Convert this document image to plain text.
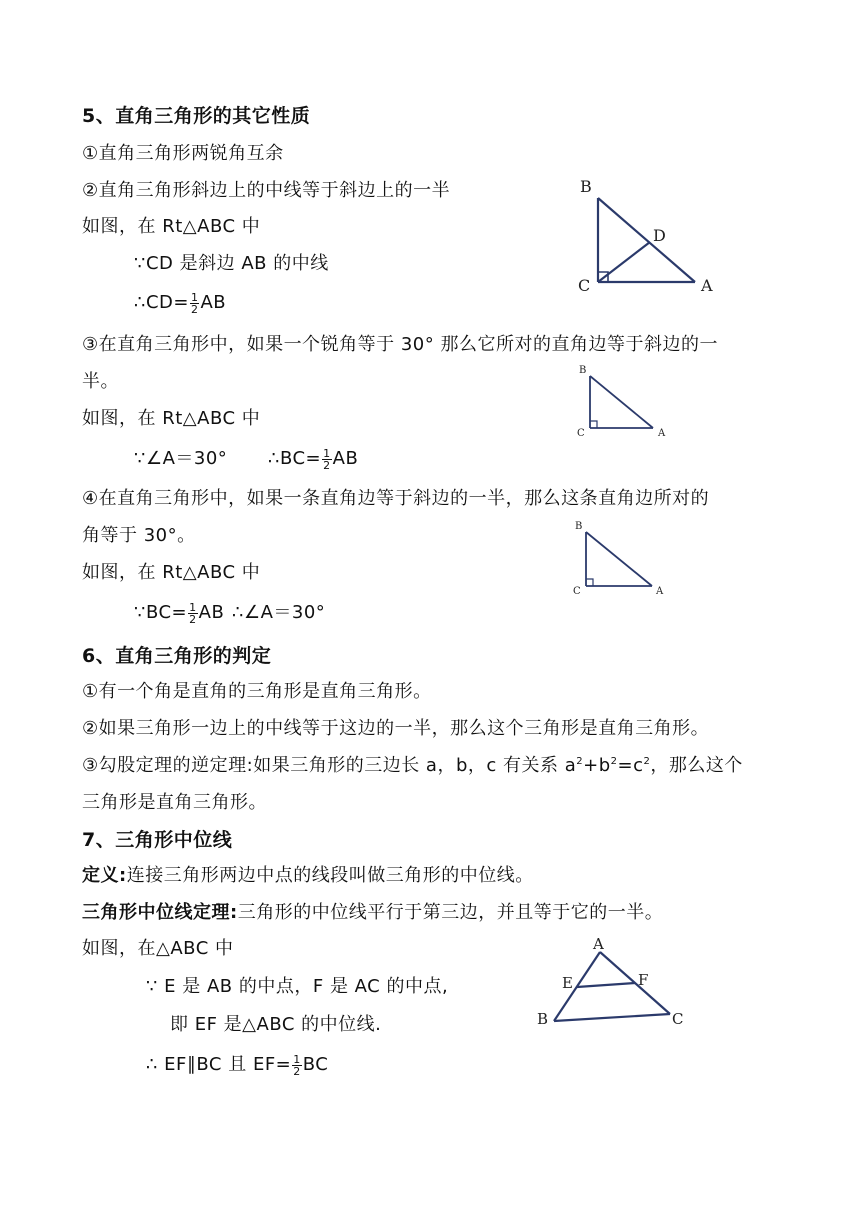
5、直角三角形的其它性质
①直角三角形两锐角互余
②直角三角形斜边上的中线等于斜边上的一半
如图，在 Rt△ABC 中
∵CD 是斜边 AB 的中线
∴CD= $\frac{1}{2}$ AB
③在直角三角形中，如果一个锐角等于 30° 那么它所对的直角边等于斜边的一
半。
如图，在 Rt△ABC 中
∵∠A＝30° ∴BC= $\frac{1}{2}$ AB
④在直角三角形中，如果一条直角边等于斜边的一半，那么这条直角边所对的
角等于 30°。
如图，在 Rt△ABC 中
∵BC= $\frac{1}{2}$ AB ∴∠A＝30°
6、直角三角形的判定
①有一个角是直角的三角形是直角三角形。
②如果三角形一边上的中线等于这边的一半，那么这个三角形是直角三角形。
③勾股定理的逆定理:如果三角形的三边长 a，b，c 有关系 $a^2+b^2=c^2$，那么这个
三角形是直角三角形。
7、三角形中位线
定义:连接三角形两边中点的线段叫做三角形的中位线。
三角形中位线定理:三角形的中位线平行于第三边，并且等于它的一半。
如图，在△ABC 中
∵ E 是 AB 的中点，F 是 AC 的中点,
即 EF 是△ABC 的中位线.
∴ EF∥BC 且 $EF= \frac{1}{2}$ BC
B
C
D
A
B
C	A
B
C	A
A
E	F
B	C
